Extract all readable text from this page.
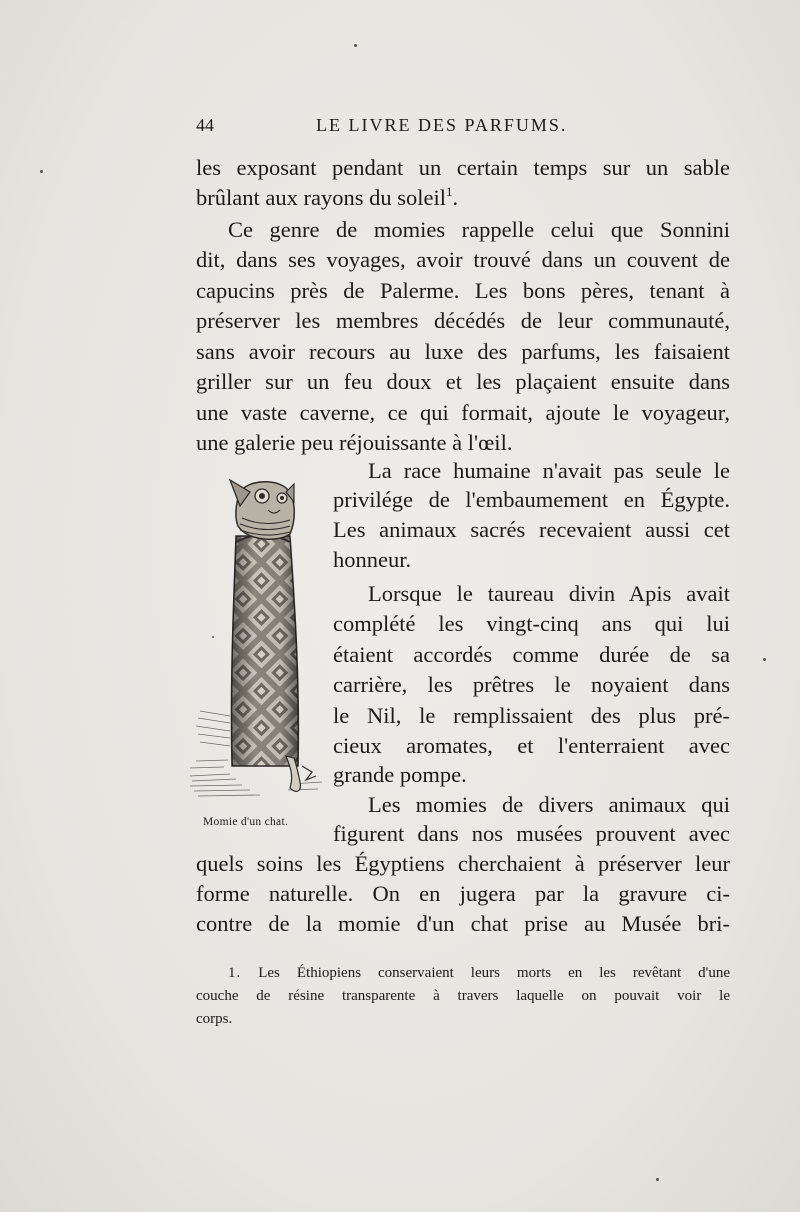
44	LE LIVRE DES PARFUMS.
les exposant pendant un certain temps sur un sable
brûlant aux rayons du soleil$^1$.
Ce genre de momies rappelle celui que Sonnini
dit, dans ses voyages, avoir trouvé dans un couvent de
capucins près de Palerme. Les bons pères, tenant à
préserver les membres décédés de leur communauté,
sans avoir recours au luxe des parfums, les faisaient
griller sur un feu doux et les plaçaient ensuite dans
une vaste caverne, ce qui formait, ajoute le voyageur,
une galerie peu réjouissante à l'œil.
La race humaine n'avait pas seule le
privilége de l'embaumement en Égypte.
Les animaux sacrés recevaient aussi cet
honneur.
Lorsque le taureau divin Apis avait
complété les vingt-cinq ans qui lui
étaient accordés comme durée de sa
carrière, les prêtres le noyaient dans
le Nil, le remplissaient des plus pré-
cieux aromates, et l'enterraient avec
grande pompe.
Les momies de divers animaux qui
figurent dans nos musées prouvent avec
quels soins les Égyptiens cherchaient à préserver leur
forme naturelle. On en jugera par la gravure ci-
contre de la momie d'un chat prise au Musée bri-
Momie d'un chat.
1. Les Éthiopiens conservaient leurs morts en les revêtant d'une
couche de résine transparente à travers laquelle on pouvait voir le
corps.
